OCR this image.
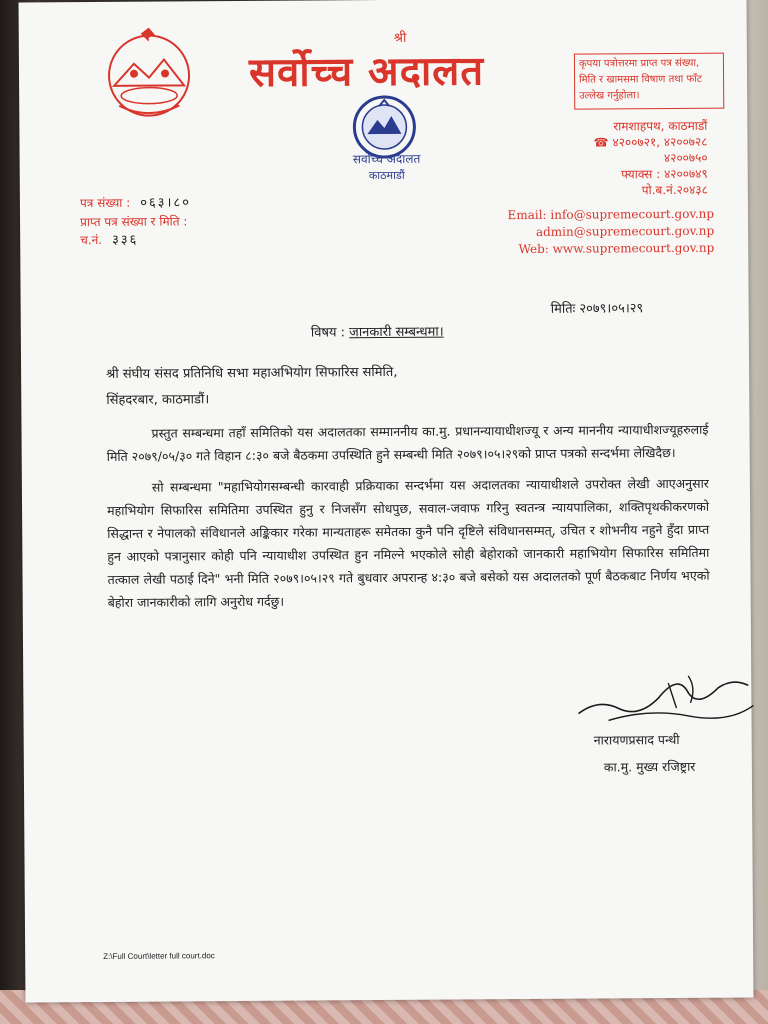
श्री
सर्वोच्च अदालत
सर्वोच्च अदालत
काठमाडौं
कृपया पत्रोत्तरमा प्राप्त पत्र संख्या,
मिति र खामसमा विषाण तथा फाँट
उल्लेख गर्नुहोला।
रामशाहपथ, काठमाडौं
☎ ४२००७२१, ४२००७२८
४२००७५०
फ्याक्स : ४२००७४९
पो.ब.नं.२०४३८
Email: info@supremecourt.gov.np
admin@supremecourt.gov.np
Web: www.supremecourt.gov.np
पत्र संख्या : ०६३।८०
प्राप्त पत्र संख्या र मिति :
च.नं. ३३६
मितिः २०७९।०५।२९
विषय : जानकारी सम्बन्धमा।
श्री संघीय संसद प्रतिनिधि सभा महाअभियोग सिफारिस समिति,
सिंहदरबार, काठमाडौं।

प्रस्तुत सम्बन्धमा तहाँ समितिको यस अदालतका सम्माननीय का.मु. प्रधानन्यायाधीशज्यू र अन्य माननीय न्यायाधीशज्यूहरुलाई मिति २०७९/०५/३० गते विहान ८:३० बजे बैठकमा उपस्थिति हुने सम्बन्धी मिति २०७९।०५।२९को प्राप्त पत्रको सन्दर्भमा लेखिदैछ।

सो सम्बन्धमा "महाभियोगसम्बन्धी कारवाही प्रक्रियाका सन्दर्भमा यस अदालतका न्यायाधीशले उपरोक्त लेखी आएअनुसार महाभियोग सिफारिस समितिमा उपस्थित हुनु र निजसँग सोधपुछ, सवाल-जवाफ गरिनु स्वतन्त्र न्यायपालिका, शक्तिपृथकीकरणको सिद्धान्त र नेपालको संविधानले अङ्किकार गरेका मान्यताहरू समेतका कुनै पनि दृष्टिले संविधानसम्मत्, उचित र शोभनीय नहुने हुँदा प्राप्त हुन आएको पत्रानुसार कोही पनि न्यायाधीश उपस्थित हुन नमिल्ने भएकोले सोही बेहोराको जानकारी महाभियोग सिफारिस समितिमा तत्काल लेखी पठाई दिने" भनी मिति २०७९।०५।२९ गते बुधवार अपरान्ह ४:३० बजे बसेको यस अदालतको पूर्ण बैठकबाट निर्णय भएको बेहोरा जानकारीको लागि अनुरोध गर्दछु।

नारायणप्रसाद पन्थी
का.मु. मुख्य रजिष्ट्रार
Z:\Full Court\letter full court.doc
